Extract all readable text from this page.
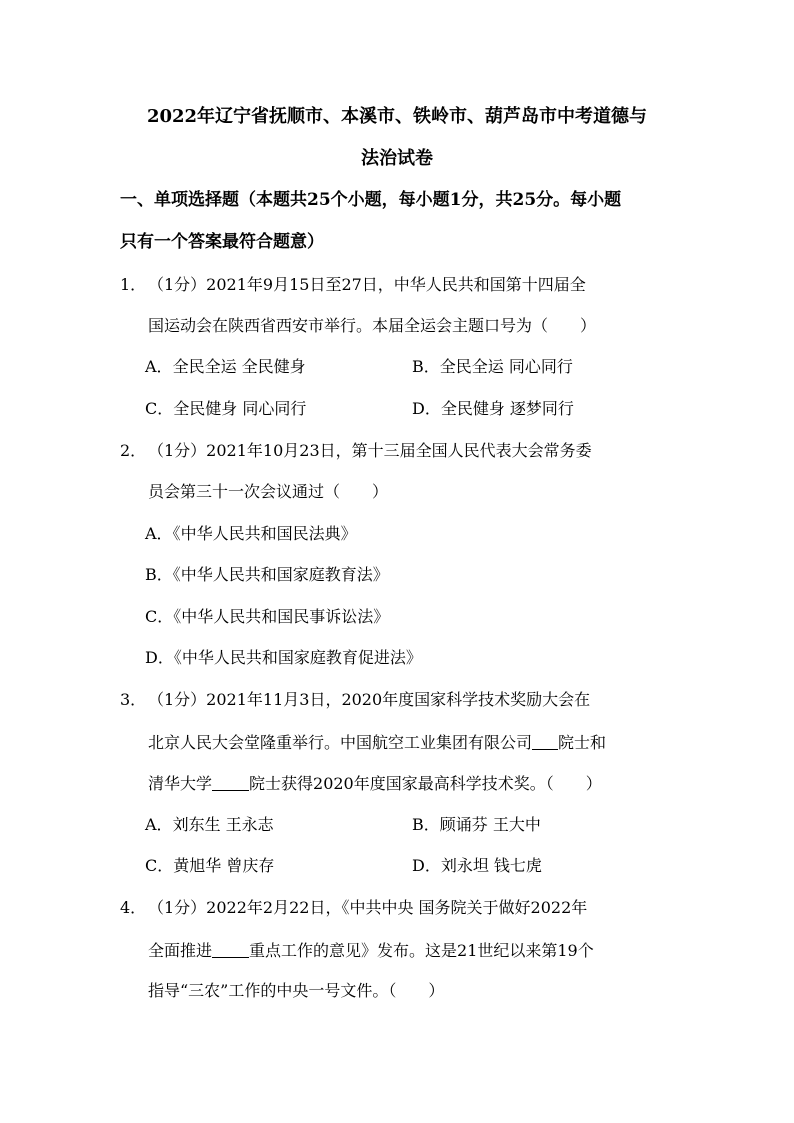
2022年辽宁省抚顺市、本溪市、铁岭市、葫芦岛市中考道德与
法治试卷
一、单项选择题（本题共25个小题，每小题1分，共25分。每小题
只有一个答案最符合题意）
1． （1分）2021年9月15日至27日，中华人民共和国第十四届全
国运动会在陕西省西安市举行。本届全运会主题口号为（　　）
A．全民全运 全民健身	B．全民全运 同心同行
C．全民健身 同心同行	D．全民健身 逐梦同行
2． （1分）2021年10月23日，第十三届全国人民代表大会常务委
员会第三十一次会议通过（　　）
A．《中华人民共和国民法典》
B．《中华人民共和国家庭教育法》
C．《中华人民共和国民事诉讼法》
D．《中华人民共和国家庭教育促进法》
3． （1分）2021年11月3日，2020年度国家科学技术奖励大会在
北京人民大会堂隆重举行。中国航空工业集团有限公司 院士和
清华大学 院士获得2020年度国家最高科学技术奖。（　　）
A．刘东生 王永志	B．顾诵芬 王大中
C．黄旭华 曾庆存	D．刘永坦 钱七虎
4． （1分）2022年2月22日，《中共中央 国务院关于做好2022年
全面推进 重点工作的意见》发布。这是21世纪以来第19个
指导“三农”工作的中央一号文件。（　　）
